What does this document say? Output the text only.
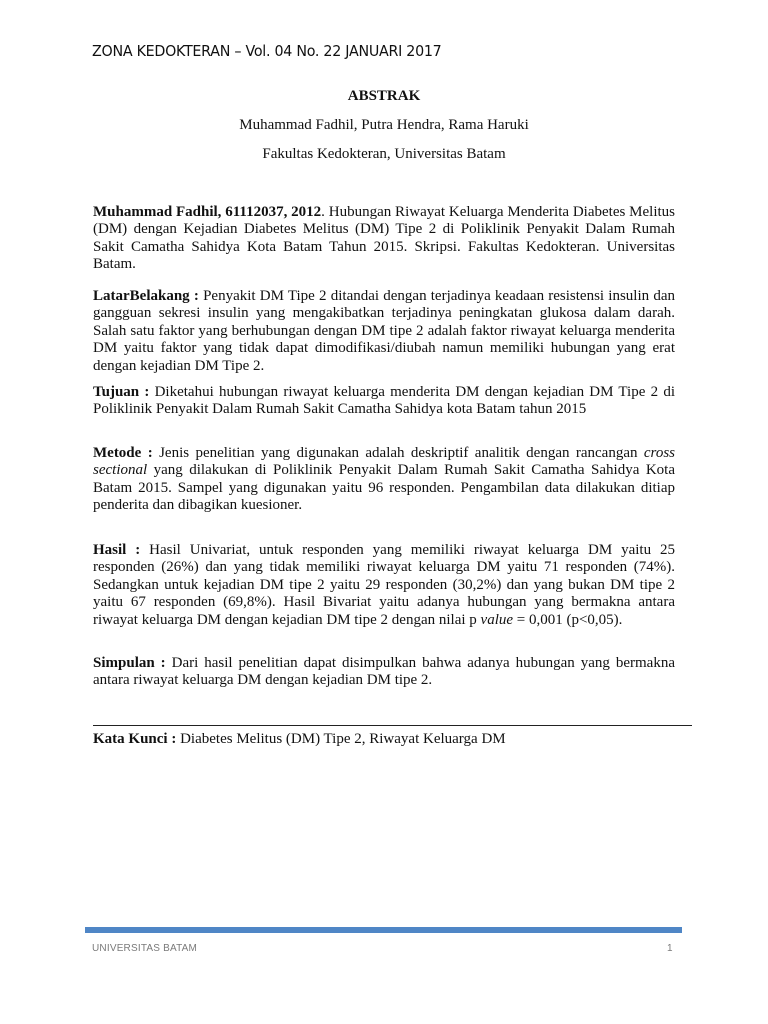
ZONA KEDOKTERAN – Vol. 04 No. 22 JANUARI 2017
ABSTRAK
Muhammad Fadhil, Putra Hendra, Rama Haruki
Fakultas Kedokteran, Universitas Batam

Muhammad Fadhil, 61112037, 2012. Hubungan Riwayat Keluarga Menderita Diabetes Melitus (DM) dengan Kejadian Diabetes Melitus (DM) Tipe 2 di Poliklinik Penyakit Dalam Rumah Sakit Camatha Sahidya Kota Batam Tahun 2015. Skripsi. Fakultas Kedokteran. Universitas Batam.

LatarBelakang : Penyakit DM Tipe 2 ditandai dengan terjadinya keadaan resistensi insulin dan gangguan sekresi insulin yang mengakibatkan terjadinya peningkatan glukosa dalam darah. Salah satu faktor yang berhubungan dengan DM tipe 2 adalah faktor riwayat keluarga menderita DM yaitu faktor yang tidak dapat dimodifikasi/diubah namun memiliki hubungan yang erat dengan kejadian DM Tipe 2.

Tujuan : Diketahui hubungan riwayat keluarga menderita DM dengan kejadian DM Tipe 2 di Poliklinik Penyakit Dalam Rumah Sakit Camatha Sahidya kota Batam tahun 2015

Metode : Jenis penelitian yang digunakan adalah deskriptif analitik dengan rancangan cross sectional yang dilakukan di Poliklinik Penyakit Dalam Rumah Sakit Camatha Sahidya Kota Batam 2015. Sampel yang digunakan yaitu 96 responden. Pengambilan data dilakukan ditiap penderita dan dibagikan kuesioner.

Hasil : Hasil Univariat, untuk responden yang memiliki riwayat keluarga DM yaitu 25 responden (26%) dan yang tidak memiliki riwayat keluarga DM yaitu 71 responden (74%). Sedangkan untuk kejadian DM tipe 2 yaitu 29 responden (30,2%) dan yang bukan DM tipe 2 yaitu 67 responden (69,8%). Hasil Bivariat yaitu adanya hubungan yang bermakna antara riwayat keluarga DM dengan kejadian DM tipe 2 dengan nilai p value = 0,001 (p<0,05).

Simpulan : Dari hasil penelitian dapat disimpulkan bahwa adanya hubungan yang bermakna antara riwayat keluarga DM dengan kejadian DM tipe 2.

Kata Kunci : Diabetes Melitus (DM) Tipe 2, Riwayat Keluarga DM

UNIVERSITAS BATAM	1
